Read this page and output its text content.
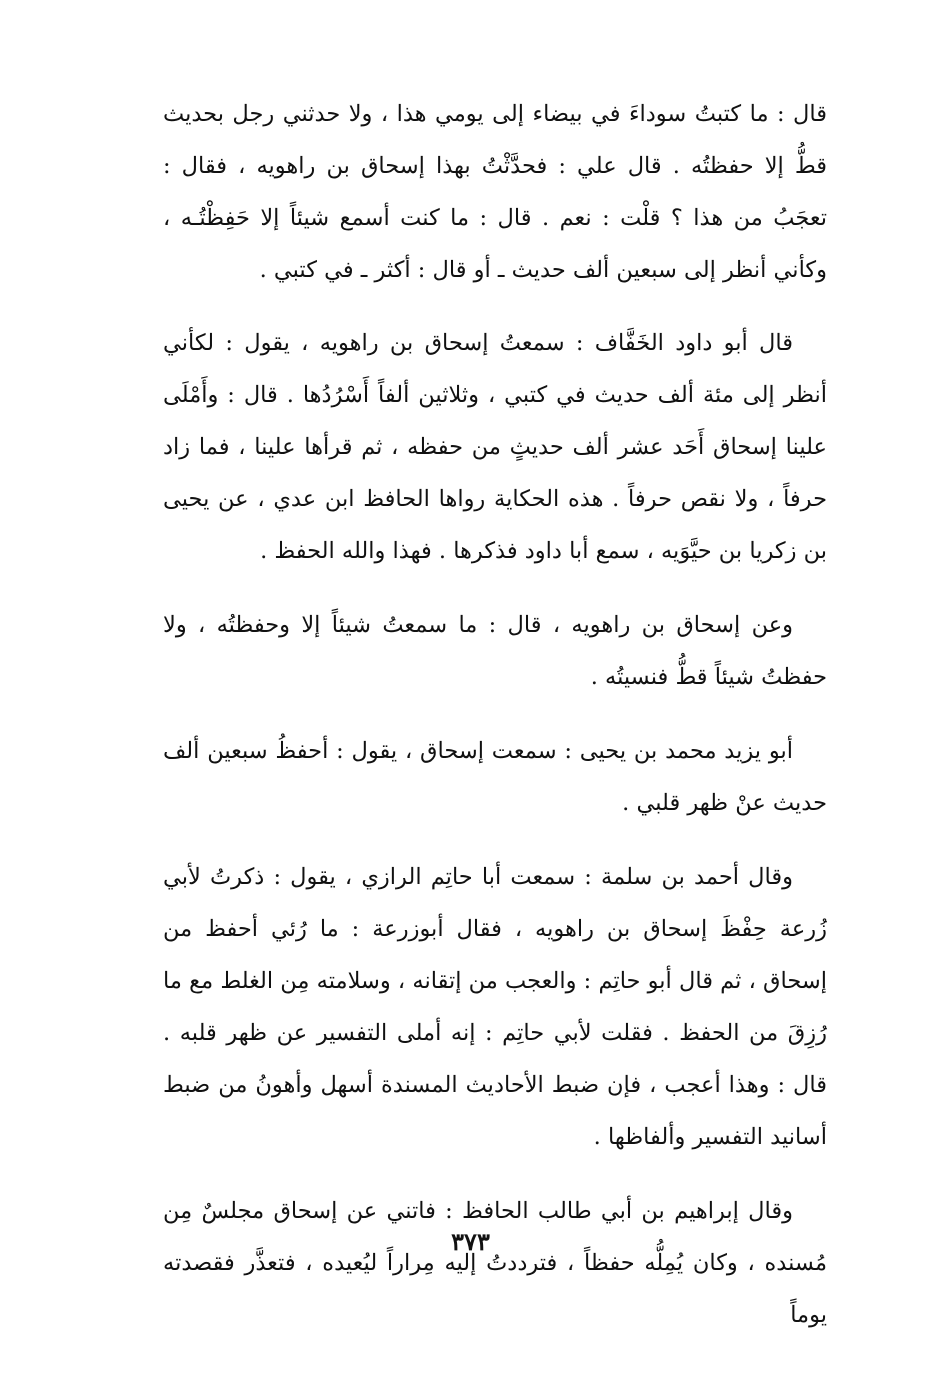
قال : ما كتبتُ سوداءَ في بيضاء إلى يومي هذا ، ولا حدثني رجل بحديث قطُّ إلا حفظتُه . قال علي : فحدَّثْتُ بهذا إسحاق بن راهويه ، فقال : تعجَبُ من هذا ؟ قلْت : نعم . قال : ما كنت أسمع شيئاً إلا حَفِظْتُـه ، وكأني أنظر إلى سبعين ألف حديث ـ أو قال : أكثر ـ في كتبي .

قال أبو داود الخَفَّاف : سمعتُ إسحاق بن راهويه ، يقول : لكأني أنظر إلى مئة ألف حديث في كتبي ، وثلاثين ألفاً أَسْرُدُها . قال : وأَمْلَى علينا إسحاق أَحَد عشر ألف حديثٍ من حفظه ، ثم قرأها علينا ، فما زاد حرفاً ، ولا نقص حرفاً . هذه الحكاية رواها الحافظ ابن عدي ، عن يحيى بن زكريا بن حيَّوَيه ، سمع أبا داود فذكرها . فهذا والله الحفظ .

وعن إسحاق بن راهويه ، قال : ما سمعتُ شيئاً إلا وحفظتُه ، ولا حفظتُ شيئاً قطُّ فنسيتُه .

أبو يزيد محمد بن يحيى : سمعت إسحاق ، يقول : أحفظُ سبعين ألف حديث عنْ ظهر قلبي .

وقال أحمد بن سلمة : سمعت أبا حاتِم الرازي ، يقول : ذكرتُ لأبي زُرعة حِفْظَ إسحاق بن راهويه ، فقال أبوزرعة : ما رُئي أحفظ من إسحاق ، ثم قال أبو حاتِم : والعجب من إتقانه ، وسلامته مِن الغلط مع ما رُزِقَ من الحفظ . فقلت لأبي حاتِم : إنه أملى التفسير عن ظهر قلبه . قال : وهذا أعجب ، فإن ضبط الأحاديث المسندة أسهل وأهونُ من ضبط أسانيد التفسير وألفاظها .

وقال إبراهيم بن أبي طالب الحافظ : فاتني عن إسحاق مجلسٌ مِن مُسنده ، وكان يُمِلُّه حفظاً ، فترددتُ إليه مِراراً ليُعيده ، فتعذَّر فقصدته يوماً

٣٧٣
